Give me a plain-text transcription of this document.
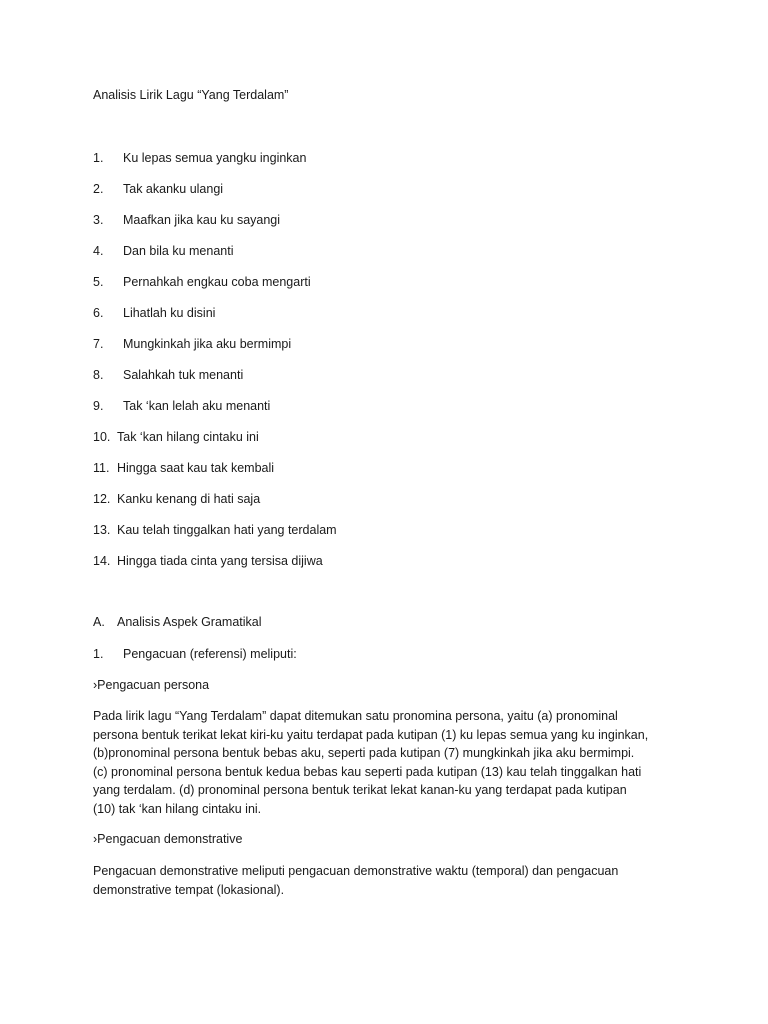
Analisis Lirik Lagu “Yang Terdalam”
1. Ku lepas semua yangku inginkan
2. Tak akanku ulangi
3. Maafkan jika kau ku sayangi
4. Dan bila ku menanti
5. Pernahkah engkau coba mengarti
6. Lihatlah ku disini
7. Mungkinkah jika aku bermimpi
8. Salahkah tuk menanti
9. Tak ‘kan lelah aku menanti
10. Tak ‘kan hilang cintaku ini
11. Hingga saat kau tak kembali
12. Kanku kenang di hati saja
13. Kau telah tinggalkan hati yang terdalam
14. Hingga tiada cinta yang tersisa dijiwa
A. Analisis Aspek Gramatikal
1. Pengacuan (referensi) meliputi:
›Pengacuan persona
Pada lirik lagu “Yang Terdalam” dapat ditemukan satu pronomina persona, yaitu (a) pronominal
persona bentuk terikat lekat kiri-ku yaitu terdapat pada kutipan (1) ku lepas semua yang ku inginkan,
(b)pronominal persona bentuk bebas aku, seperti pada kutipan (7) mungkinkah jika aku bermimpi.
(c) pronominal persona bentuk kedua bebas kau seperti pada kutipan (13) kau telah tinggalkan hati
yang terdalam. (d) pronominal persona bentuk terikat lekat kanan-ku yang terdapat pada kutipan
(10) tak ‘kan hilang cintaku ini.
›Pengacuan demonstrative
Pengacuan demonstrative meliputi pengacuan demonstrative waktu (temporal) dan pengacuan
demonstrative tempat (lokasional).
